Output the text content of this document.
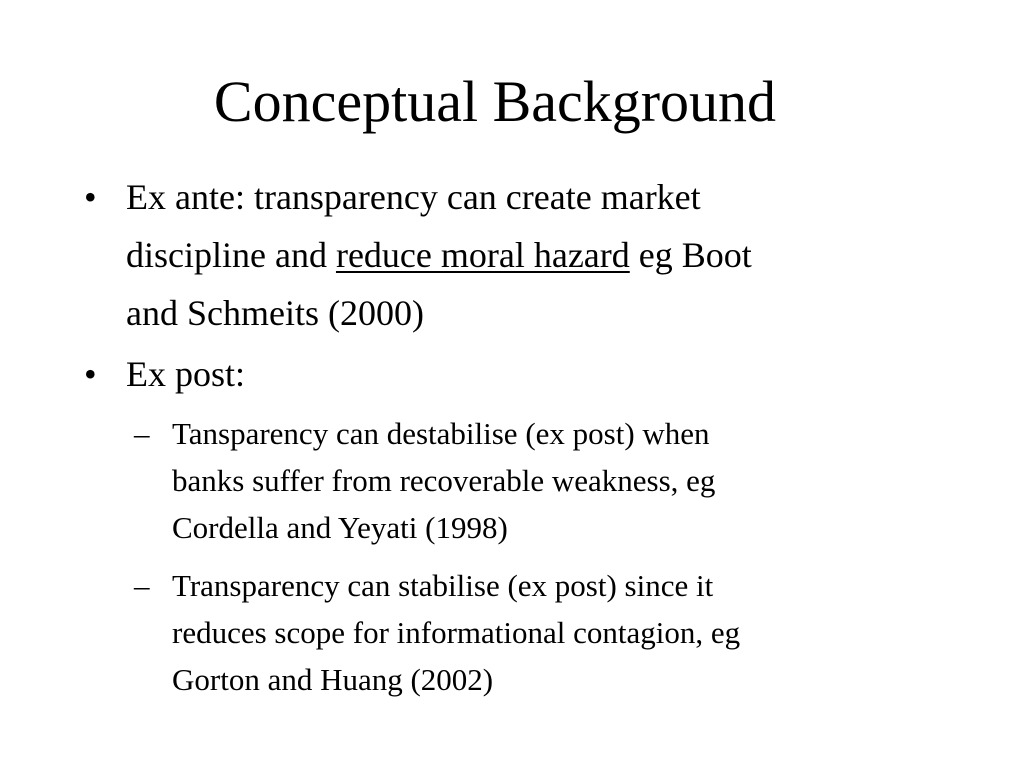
Conceptual Background
• Ex ante: transparency can create market
discipline and reduce moral hazard eg Boot
and Schmeits (2000)
• Ex post:
– Tansparency can destabilise (ex post) when
banks suffer from recoverable weakness, eg
Cordella and Yeyati (1998)
– Transparency can stabilise (ex post) since it
reduces scope for informational contagion, eg
Gorton and Huang (2002)
